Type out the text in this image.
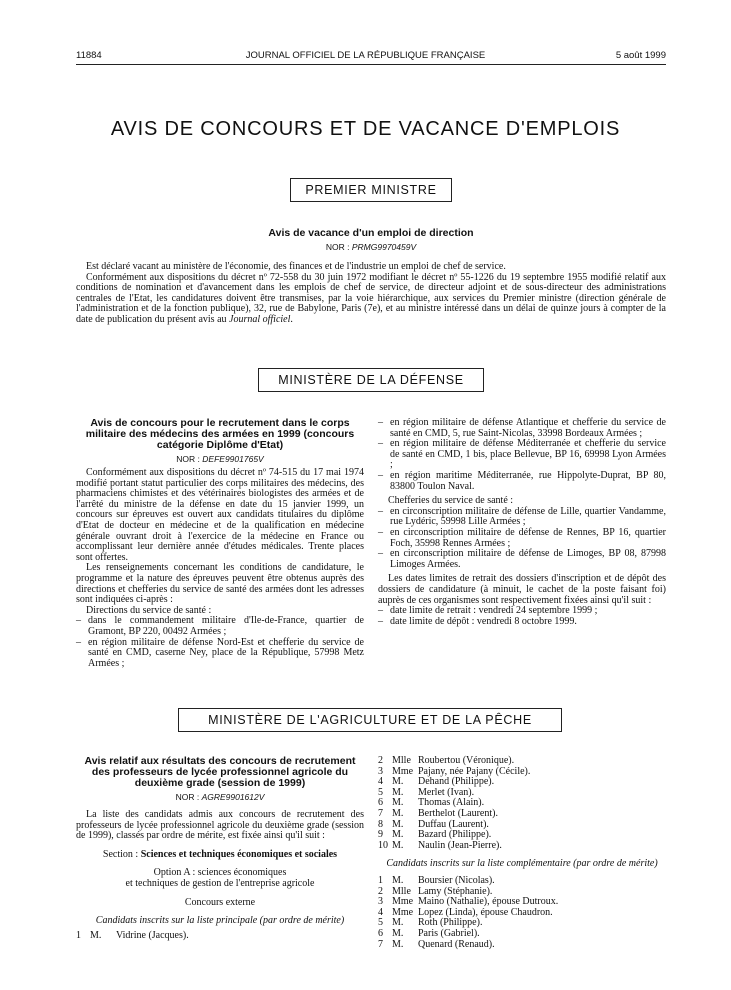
11884	JOURNAL OFFICIEL DE LA RÉPUBLIQUE FRANÇAISE	5 août 1999
AVIS DE CONCOURS ET DE VACANCE D'EMPLOIS
PREMIER MINISTRE
Avis de vacance d'un emploi de direction
NOR : PRMG9970459V
Est déclaré vacant au ministère de l'économie, des finances et de l'industrie un emploi de chef de service.
Conformément aux dispositions du décret nº 72-558 du 30 juin 1972 modifiant le décret nº 55-1226 du 19 septembre 1955 modifié relatif aux conditions de nomination et d'avancement dans les emplois de chef de service, de directeur adjoint et de sous-directeur des administrations centrales de l'Etat, les candidatures doivent être transmises, par la voie hiérarchique, aux services du Premier ministre (direction générale de l'administration et de la fonction publique), 32, rue de Babylone, Paris (7e), et au ministre intéressé dans un délai de quinze jours à compter de la date de publication du présent avis au Journal officiel.
MINISTÈRE DE LA DÉFENSE
Avis de concours pour le recrutement dans le corps militaire des médecins des armées en 1999 (concours catégorie Diplôme d'Etat)
NOR : DEFE9901765V
Conformément aux dispositions du décret nº 74-515 du 17 mai 1974 modifié portant statut particulier des corps militaires des médecins, des pharmaciens chimistes et des vétérinaires biologistes des armées et de l'arrêté du ministre de la défense en date du 15 janvier 1999, un concours sur épreuves est ouvert aux candidats titulaires du diplôme d'Etat de docteur en médecine et de la qualification en médecine générale ouvrant droit à l'exercice de la médecine en France ou accomplissant leur dernière année d'études médicales. Trente places sont offertes.
Les renseignements concernant les conditions de candidature, le programme et la nature des épreuves peuvent être obtenus auprès des directions et chefferies du service de santé des armées dont les adresses sont indiquées ci-après :
Directions du service de santé :
– dans le commandement militaire d'Ile-de-France, quartier de Gramont, BP 220, 00492 Armées ;
– en région militaire de défense Nord-Est et chefferie du service de santé en CMD, caserne Ney, place de la République, 57998 Metz Armées ;
– en région militaire de défense Atlantique et chefferie du service de santé en CMD, 5, rue Saint-Nicolas, 33998 Bordeaux Armées ;
– en région militaire de défense Méditerranée et chefferie du service de santé en CMD, 1 bis, place Bellevue, BP 16, 69998 Lyon Armées ;
– en région maritime Méditerranée, rue Hippolyte-Duprat, BP 80, 83800 Toulon Naval.
Chefferies du service de santé :
– en circonscription militaire de défense de Lille, quartier Vandamme, rue Lydéric, 59998 Lille Armées ;
– en circonscription militaire de défense de Rennes, BP 16, quartier Foch, 35998 Rennes Armées ;
– en circonscription militaire de défense de Limoges, BP 08, 87998 Limoges Armées.
Les dates limites de retrait des dossiers d'inscription et de dépôt des dossiers de candidature (à minuit, le cachet de la poste faisant foi) auprès de ces organismes sont respectivement fixées ainsi qu'il suit :
– date limite de retrait : vendredi 24 septembre 1999 ;
– date limite de dépôt : vendredi 8 octobre 1999.
MINISTÈRE DE L'AGRICULTURE ET DE LA PÊCHE
Avis relatif aux résultats des concours de recrutement des professeurs de lycée professionnel agricole du deuxième grade (session de 1999)
NOR : AGRE9901612V
La liste des candidats admis aux concours de recrutement des professeurs de lycée professionnel agricole du deuxième grade (session de 1999), classés par ordre de mérite, est fixée ainsi qu'il suit :
Section : Sciences et techniques économiques et sociales
Option A : sciences économiques
et techniques de gestion de l'entreprise agricole
Concours externe
Candidats inscrits sur la liste principale (par ordre de mérite)
1 M.	Vidrine (Jacques).
2 Mlle Roubertou (Véronique).
3 Mme Pajany, née Pajany (Cécile).
4 M.	Dehand (Philippe).
5 M.	Merlet (Ivan).
6 M.	Thomas (Alain).
7 M.	Berthelot (Laurent).
8 M.	Duffau (Laurent).
9 M.	Bazard (Philippe).
10 M.	Naulin (Jean-Pierre).
Candidats inscrits sur la liste complémentaire (par ordre de mérite)
1 M.	Boursier (Nicolas).
2 Mlle Lamy (Stéphanie).
3 Mme Maino (Nathalie), épouse Dutroux.
4 Mme Lopez (Linda), épouse Chaudron.
5 M.	Roth (Philippe).
6 M.	Paris (Gabriel).
7 M.	Quenard (Renaud).
